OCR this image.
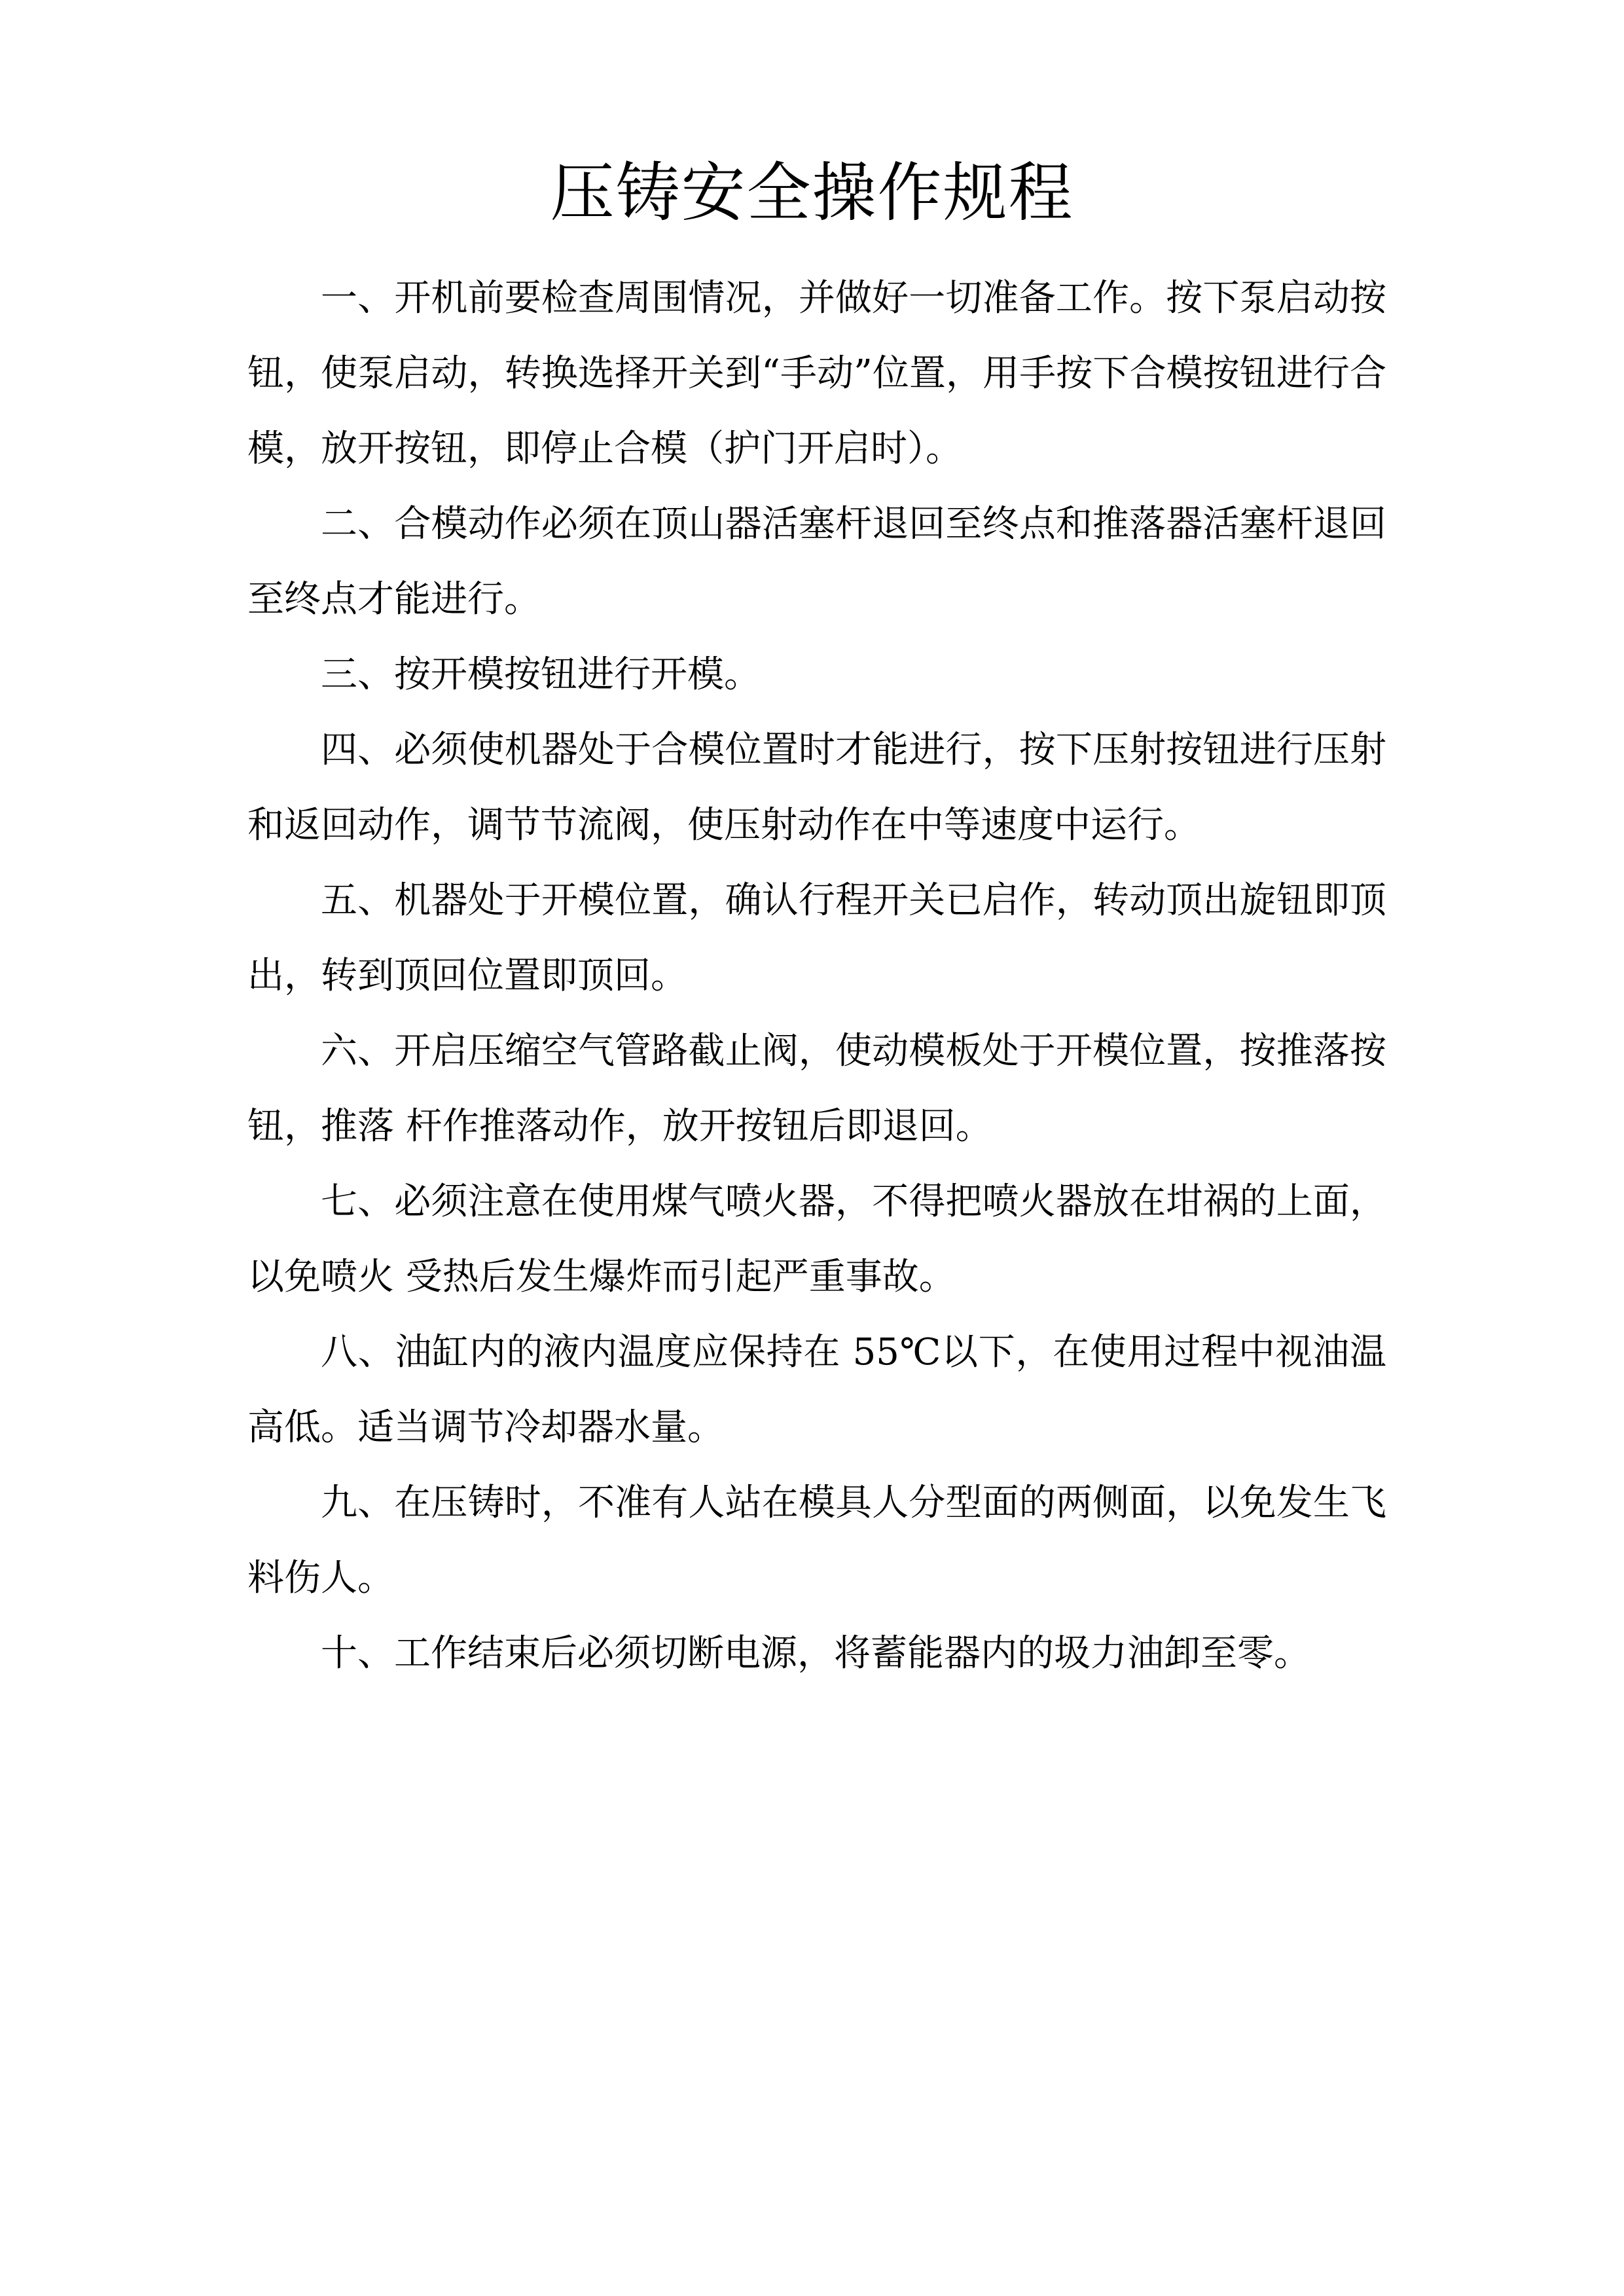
压铸安全操作规程

一、开机前要检查周围情况，并做好一切准备工作。按下泵启动按钮，使泵启动，转换选择开关到“手动”位置，用手按下合模按钮进行合模，放开按钮，即停止合模（护门开启时）。

二、合模动作必须在顶山器活塞杆退回至终点和推落器活塞杆退回至终点才能进行。

三、按开模按钮进行开模。

四、必须使机器处于合模位置时才能进行，按下压射按钮进行压射和返回动作，调节节流阀，使压射动作在中等速度中运行。

五、机器处于开模位置，确认行程开关已启作，转动顶出旋钮即顶出，转到顶回位置即顶回。

六、开启压缩空气管路截止阀，使动模板处于开模位置，按推落按钮，推落 杆作推落动作，放开按钮后即退回。

七、必须注意在使用煤气喷火器，不得把喷火器放在坩祸的上面，以免喷火 受热后发生爆炸而引起严重事故。

八、油缸内的液内温度应保持在 55℃以下，在使用过程中视油温高低。适当调节冷却器水量。

九、在压铸时，不准有人站在模具人分型面的两侧面，以免发生飞料伤人。

十、工作结束后必须切断电源，将蓄能器内的圾力油卸至零。
